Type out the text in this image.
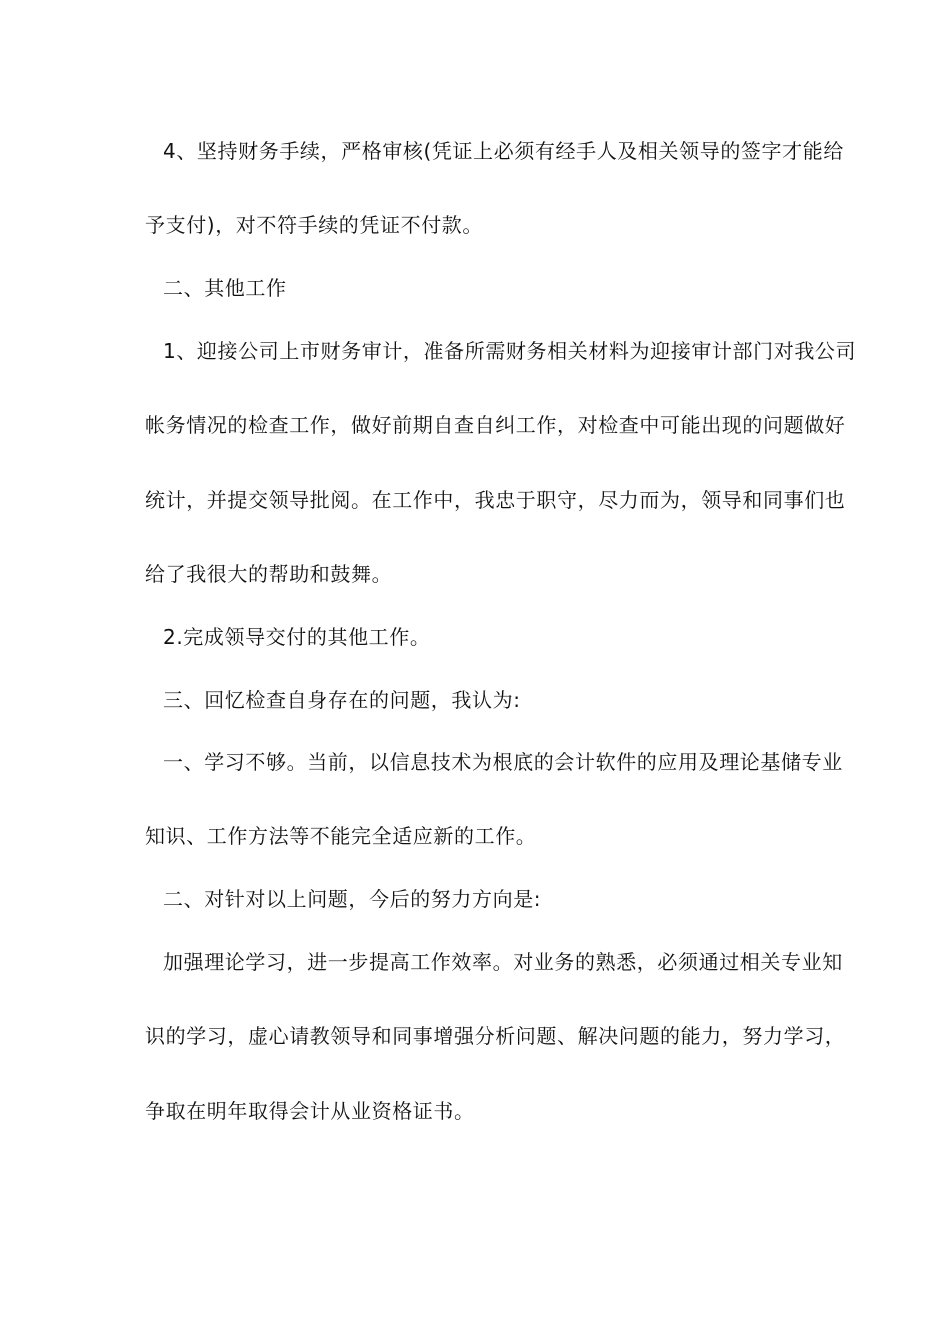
4、坚持财务手续，严格审核(凭证上必须有经手人及相关领导的签字才能给
予支付)，对不符手续的凭证不付款。
二、其他工作
1、迎接公司上市财务审计，准备所需财务相关材料为迎接审计部门对我公司
帐务情况的检查工作，做好前期自查自纠工作，对检查中可能出现的问题做好
统计，并提交领导批阅。在工作中，我忠于职守，尽力而为，领导和同事们也
给了我很大的帮助和鼓舞。
2.完成领导交付的其他工作。
三、回忆检查自身存在的问题，我认为:
一、学习不够。当前，以信息技术为根底的会计软件的应用及理论基储专业
知识、工作方法等不能完全适应新的工作。
二、对针对以上问题，今后的努力方向是:
加强理论学习，进一步提高工作效率。对业务的熟悉，必须通过相关专业知
识的学习，虚心请教领导和同事增强分析问题、解决问题的能力，努力学习，
争取在明年取得会计从业资格证书。
